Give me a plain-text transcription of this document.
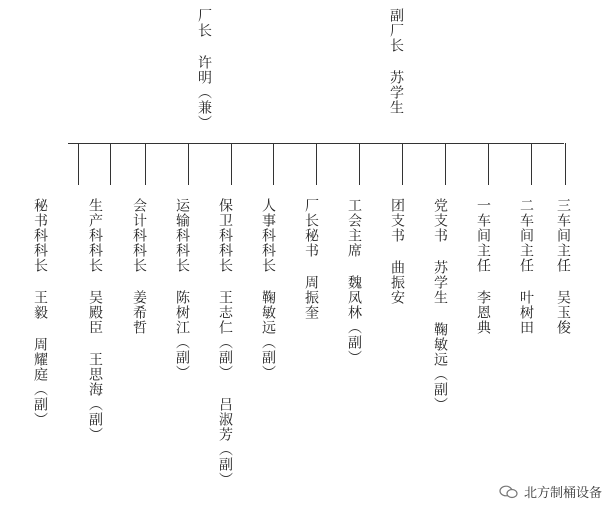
厂长 许明（兼）	副厂长 苏学生
秘书科科长 王毅 周耀庭（副）	生产科科长 吴殿臣 王思海（副） 会计科科长 姜希哲 运输科科长 陈树江（副） 保卫科科长 王志仁（副） 吕淑芳（副） 人事科科长 鞠敏远（副） 厂长秘书 周振奎 工会主席 魏凤林（副） 团支书 曲振安 党支书 苏学生 鞠敏远（副） 一车间主任 李恩典 二车间主任 叶树田 三车间主任 吴玉俊
北方制桶设备
